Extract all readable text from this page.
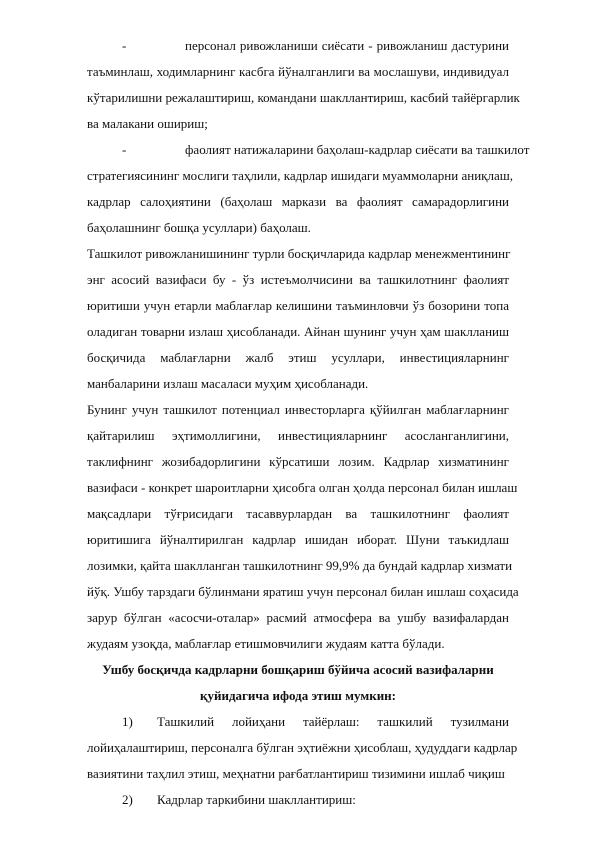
-	персонал ривожланиши сиёсати - ривожланиш дастурини
таъминлаш, ходимларнинг касбга йўналганлиги ва мослашуви, индивидуал
кўтарилишни режалаштириш, командани шакллантириш, касбий тайёргарлик
ва малакани ошириш;
-	фаолият натижаларини баҳолаш-кадрлар сиёсати ва ташкилот
стратегиясининг мослиги таҳлили, кадрлар ишидаги муаммоларни аниқлаш,
кадрлар салоҳиятини (баҳолаш маркази ва фаолият самарадорлигини
баҳолашнинг бошқа усуллари) баҳолаш.
Ташкилот ривожланишининг турли босқичларида кадрлар менежментининг
энг асосий вазифаси бу - ўз истеъмолчисини ва ташкилотнинг фаолият
юритиши учун етарли маблағлар келишини таъминловчи ўз бозорини топа
оладиган товарни излаш ҳисобланади. Айнан шунинг учун ҳам шаклланиш
босқичида маблағларни жалб этиш усуллари, инвестицияларнинг
манбаларини излаш масаласи муҳим ҳисобланади.
Бунинг учун ташкилот потенциал инвесторларга қўйилган маблағларнинг
қайтарилиш эҳтимоллигини, инвестицияларнинг асосланганлигини,
таклифнинг жозибадорлигини кўрсатиши лозим. Кадрлар хизматининг
вазифаси - конкрет шароитларни ҳисобга олган ҳолда персонал билан ишлаш
мақсадлари тўғрисидаги тасаввурлардан ва ташкилотнинг фаолият
юритишига йўналтирилган кадрлар ишидан иборат. Шуни таъкидлаш
лозимки, қайта шаклланган ташкилотнинг 99,9% да бундай кадрлар хизмати
йўқ. Ушбу тарздаги бўлинмани яратиш учун персонал билан ишлаш соҳасида
зарур бўлган «асосчи-оталар» расмий атмосфера ва ушбу вазифалардан
жудаям узоқда, маблағлар етишмовчилиги жудаям катта бўлади.
Ушбу босқичда кадрларни бошқариш бўйича асосий вазифаларни
қуйидагича ифода этиш мумкин:
1) Ташкилий лойиҳани тайёрлаш: ташкилий тузилмани
лойиҳалаштириш, персоналга бўлган эҳтиёжни ҳисоблаш, ҳудуддаги кадрлар
вазиятини таҳлил этиш, меҳнатни рағбатлантириш тизимини ишлаб чиқиш
2) Кадрлар таркибини шакллантириш:
